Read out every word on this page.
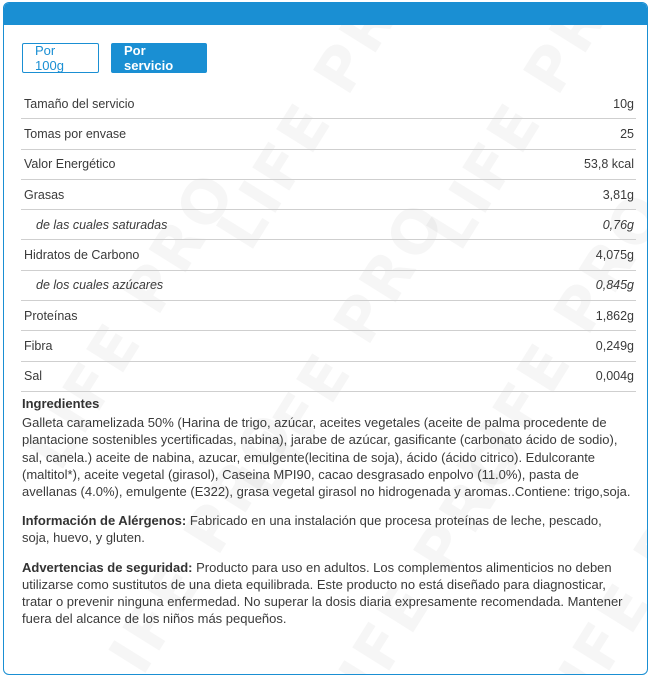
Por 100g
Por servicio
Tamaño del servicio	10g
Tomas por envase	25
Valor Energético	53,8 kcal
Grasas	3,81g
de las cuales saturadas	0,76g
Hidratos de Carbono	4,075g
de los cuales azúcares	0,845g
Proteínas	1,862g
Fibra	0,249g
Sal	0,004g
Ingredientes

Galleta caramelizada 50% (Harina de trigo, azúcar, aceites vegetales (aceite de palma procedente de plantacione sostenibles ycertificadas, nabina), jarabe de azúcar, gasificante (carbonato ácido de sodio), sal, canela.) aceite de nabina, azucar, emulgente(lecitina de soja), ácido (ácido citrico). Edulcorante (maltitol*), aceite vegetal (girasol), Caseina MPI90, cacao desgrasado enpolvo (11.0%), pasta de avellanas (4.0%), emulgente (E322), grasa vegetal girasol no hidrogenada y aromas..Contiene: trigo,soja.

Información de Alérgenos: Fabricado en una instalación que procesa proteínas de leche, pescado, soja, huevo, y gluten.

Advertencias de seguridad: Producto para uso en adultos. Los complementos alimenticios no deben utilizarse como sustitutos de una dieta equilibrada. Este producto no está diseñado para diagnosticar, tratar o prevenir ninguna enfermedad. No superar la dosis diaria expresamente recomendada. Mantener fuera del alcance de los niños más pequeños.
